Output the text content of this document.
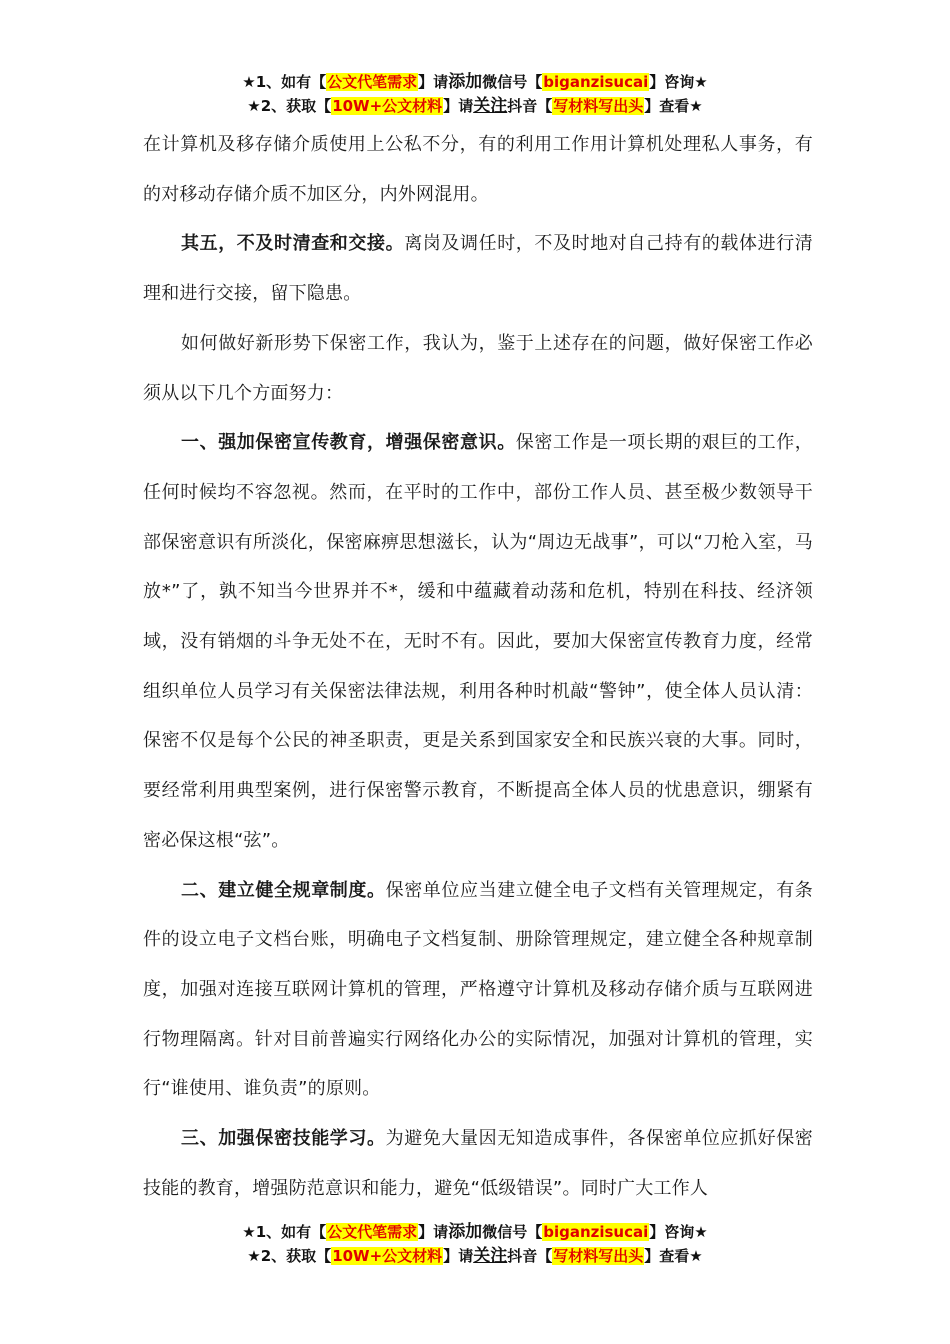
★1、如有【公文代笔需求】请添加微信号【biganzisucai】咨询★
★2、获取【10W+公文材料】请关注抖音【写材料写出头】查看★

在计算机及移存储介质使用上公私不分，有的利用工作用计算机处理私人事务，有的对移动存储介质不加区分，内外网混用。

其五，不及时清查和交接。离岗及调任时，不及时地对自己持有的载体进行清理和进行交接，留下隐患。

如何做好新形势下保密工作，我认为，鉴于上述存在的问题，做好保密工作必须从以下几个方面努力：

一、强加保密宣传教育，增强保密意识。保密工作是一项长期的艰巨的工作，任何时候均不容忽视。然而，在平时的工作中，部份工作人员、甚至极少数领导干部保密意识有所淡化，保密麻痹思想滋长，认为“周边无战事”，可以“刀枪入室，马放*”了，孰不知当今世界并不*，缓和中蕴藏着动荡和危机，特别在科技、经济领域，没有销烟的斗争无处不在，无时不有。因此，要加大保密宣传教育力度，经常组织单位人员学习有关保密法律法规，利用各种时机敲“警钟”，使全体人员认清：保密不仅是每个公民的神圣职责，更是关系到国家安全和民族兴衰的大事。同时，要经常利用典型案例，进行保密警示教育，不断提高全体人员的忧患意识，绷紧有密必保这根“弦”。

二、建立健全规章制度。保密单位应当建立健全电子文档有关管理规定，有条件的设立电子文档台账，明确电子文档复制、册除管理规定，建立健全各种规章制度，加强对连接互联网计算机的管理，严格遵守计算机及移动存储介质与互联网进行物理隔离。针对目前普遍实行网络化办公的实际情况，加强对计算机的管理，实行“谁使用、谁负责”的原则。

三、加强保密技能学习。为避免大量因无知造成事件，各保密单位应抓好保密技能的教育，增强防范意识和能力，避免“低级错误”。同时广大工作人

★1、如有【公文代笔需求】请添加微信号【biganzisucai】咨询★
★2、获取【10W+公文材料】请关注抖音【写材料写出头】查看★
